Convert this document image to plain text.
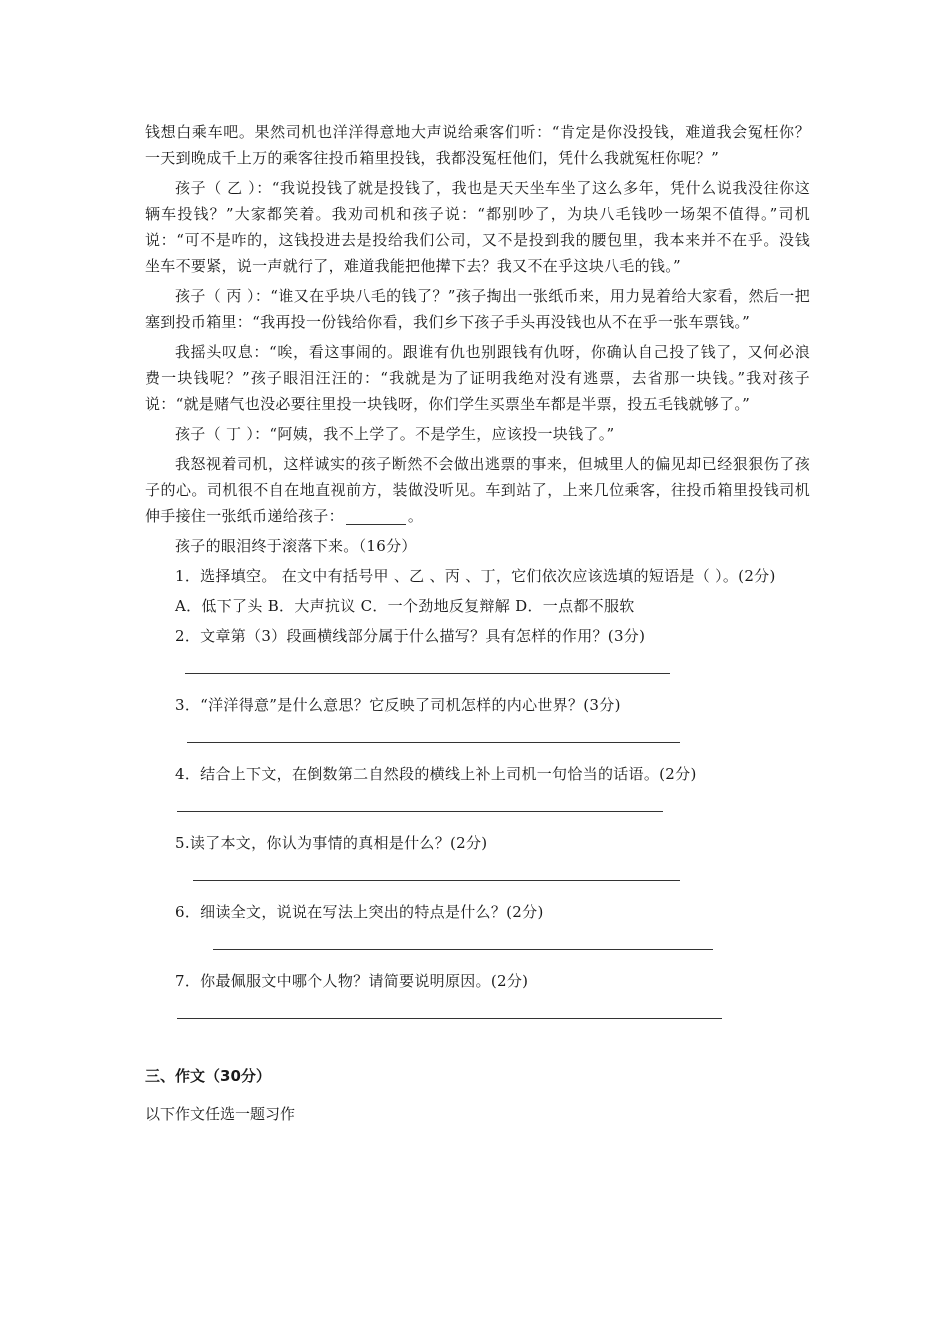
钱想白乘车吧。果然司机也洋洋得意地大声说给乘客们听：“肯定是你没投钱，难道我会冤枉你？一天到晚成千上万的乘客往投币箱里投钱，我都没冤枉他们，凭什么我就冤枉你呢？”

孩子（ 乙 ）：“我说投钱了就是投钱了，我也是天天坐车坐了这么多年，凭什么说我没往你这辆车投钱？”大家都笑着。我劝司机和孩子说：“都别吵了，为块八毛钱吵一场架不值得。”司机说：“可不是咋的，这钱投进去是投给我们公司，又不是投到我的腰包里，我本来并不在乎。没钱坐车不要紧，说一声就行了，难道我能把他撵下去？我又不在乎这块八毛的钱。”

孩子（ 丙 ）：“谁又在乎块八毛的钱了？”孩子掏出一张纸币来，用力晃着给大家看，然后一把塞到投币箱里：“我再投一份钱给你看，我们乡下孩子手头再没钱也从不在乎一张车票钱。”

我摇头叹息：“唉，看这事闹的。跟谁有仇也别跟钱有仇呀，你确认自己投了钱了，又何必浪费一块钱呢？”孩子眼泪汪汪的：“我就是为了证明我绝对没有逃票，去省那一块钱。”我对孩子说：“就是赌气也没必要往里投一块钱呀，你们学生买票坐车都是半票，投五毛钱就够了。”

孩子（ 丁 ）：“阿姨，我不上学了。不是学生，应该投一块钱了。”

我怒视着司机，这样诚实的孩子断然不会做出逃票的事来，但城里人的偏见却已经狠狠伤了孩子的心。司机很不自在地直视前方，装做没听见。车到站了，上来几位乘客，往投币箱里投钱司机伸手接住一张纸币递给孩子：	。

孩子的眼泪终于滚落下来。（16分）

1．选择填空。 在文中有括号甲 、乙 、丙 、丁，它们依次应该选填的短语是（ ）。(2分)

A．低下了头 B．大声抗议 C．一个劲地反复辩解 D．一点都不服软

2．文章第（3）段画横线部分属于什么描写？具有怎样的作用？(3分)

3．“洋洋得意”是什么意思？它反映了司机怎样的内心世界？(3分)

4．结合上下文，在倒数第二自然段的横线上补上司机一句恰当的话语。(2分)

5.读了本文，你认为事情的真相是什么？(2分)

6．细读全文，说说在写法上突出的特点是什么？(2分)

7．你最佩服文中哪个人物？请简要说明原因。(2分)

三、作文（30分）

以下作文任选一题习作
